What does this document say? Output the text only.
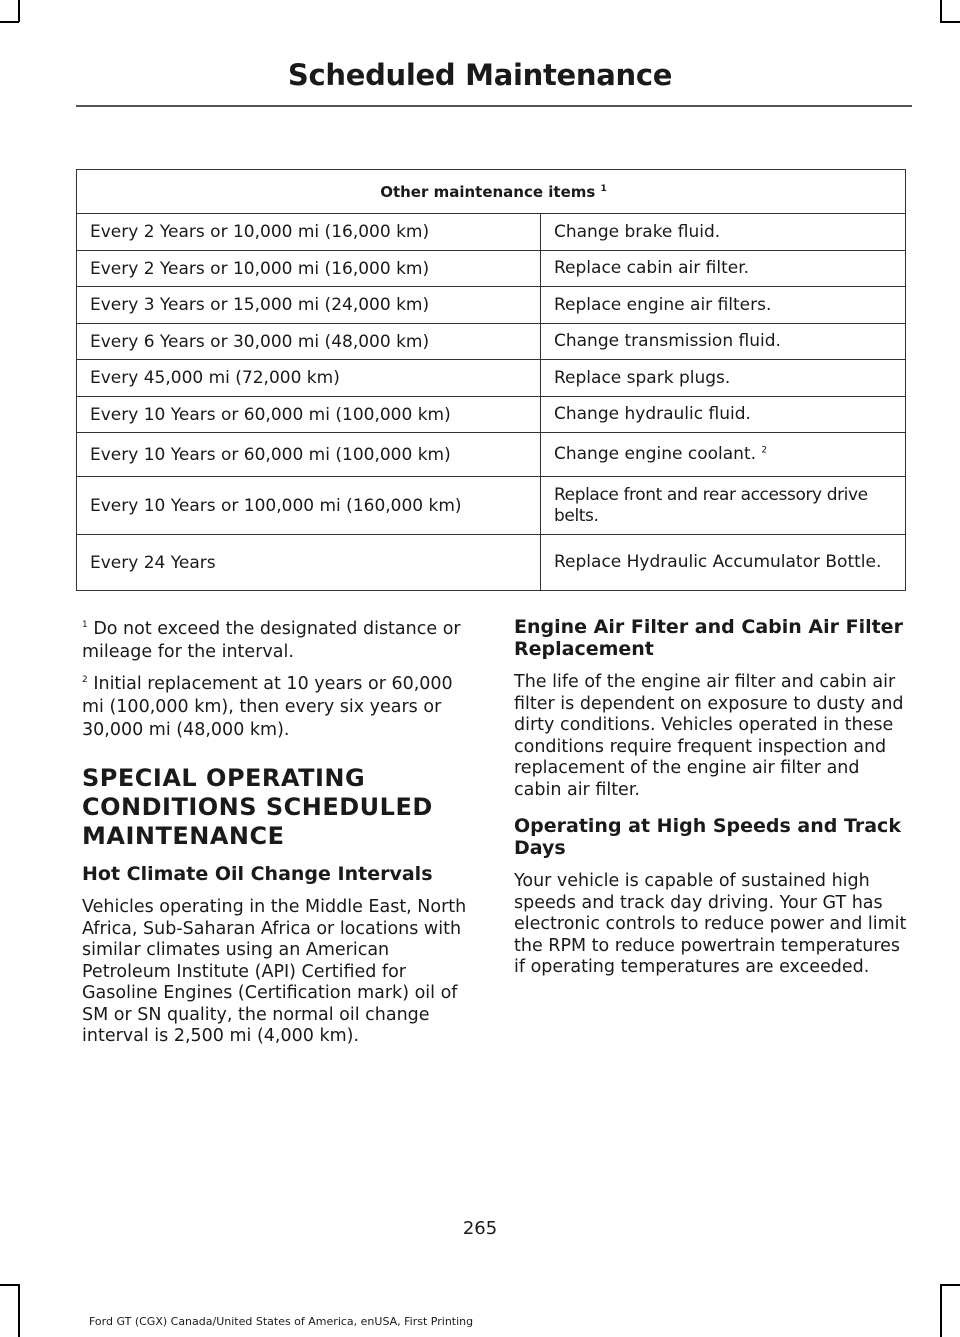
Scheduled Maintenance
Other maintenance items $^1$
Every 2 Years or 10,000 mi (16,000 km)	Change brake fluid.
Every 2 Years or 10,000 mi (16,000 km)	Replace cabin air filter.
Every 3 Years or 15,000 mi (24,000 km)	Replace engine air filters.
Every 6 Years or 30,000 mi (48,000 km)	Change transmission fluid.
Every 45,000 mi (72,000 km)	Replace spark plugs.
Every 10 Years or 60,000 mi (100,000 km)	Change hydraulic fluid.
Every 10 Years or 60,000 mi (100,000 km)	Change engine coolant. $^2$
Every 10 Years or 100,000 mi (160,000 km)	Replace front and rear accessory drive belts.
Every 24 Years	Replace Hydraulic Accumulator Bottle.
$^1$ Do not exceed the designated distance or mileage for the interval.
$^2$ Initial replacement at 10 years or 60,000 mi (100,000 km), then every six years or 30,000 mi (48,000 km).
SPECIAL OPERATING CONDITIONS SCHEDULED MAINTENANCE
Hot Climate Oil Change Intervals

Vehicles operating in the Middle East, North Africa, Sub-Saharan Africa or locations with similar climates using an American Petroleum Institute (API) Certified for Gasoline Engines (Certification mark) oil of SM or SN quality, the normal oil change interval is 2,500 mi (4,000 km).

Engine Air Filter and Cabin Air Filter Replacement

The life of the engine air filter and cabin air filter is dependent on exposure to dusty and dirty conditions. Vehicles operated in these conditions require frequent inspection and replacement of the engine air filter and cabin air filter.

Operating at High Speeds and Track Days

Your vehicle is capable of sustained high speeds and track day driving. Your GT has electronic controls to reduce power and limit the RPM to reduce powertrain temperatures if operating temperatures are exceeded.

265
Ford GT (CGX) Canada/United States of America, enUSA, First Printing
